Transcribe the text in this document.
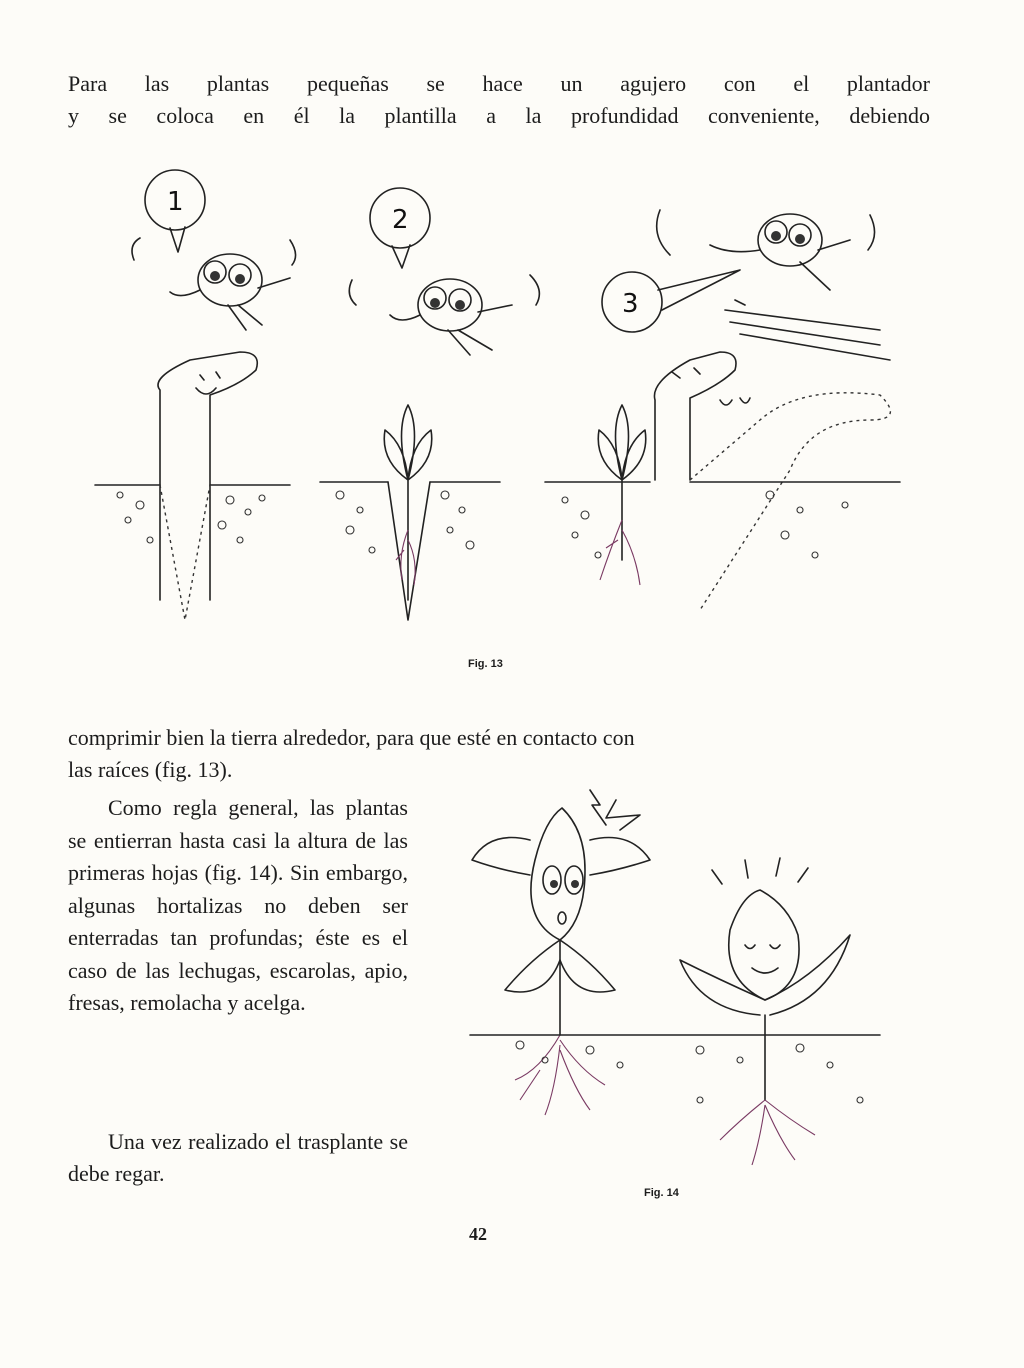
Para las plantas pequeñas se hace un agujero con el plantador
y se coloca en él la plantilla a la profundidad conveniente, debiendo

1
2
3
Fig. 13

comprimir bien la tierra alrededor, para que esté en contacto con
las raíces (fig. 13).

Como regla general, las plantas se entierran hasta casi la altura de las primeras hojas (fig. 14). Sin embargo, algunas hortalizas no deben ser enterradas tan profundas; éste es el caso de las lechugas, escarolas, apio, fresas, remolacha y acelga.

Una vez realizado el trasplante se debe regar.

Fig. 14
42
